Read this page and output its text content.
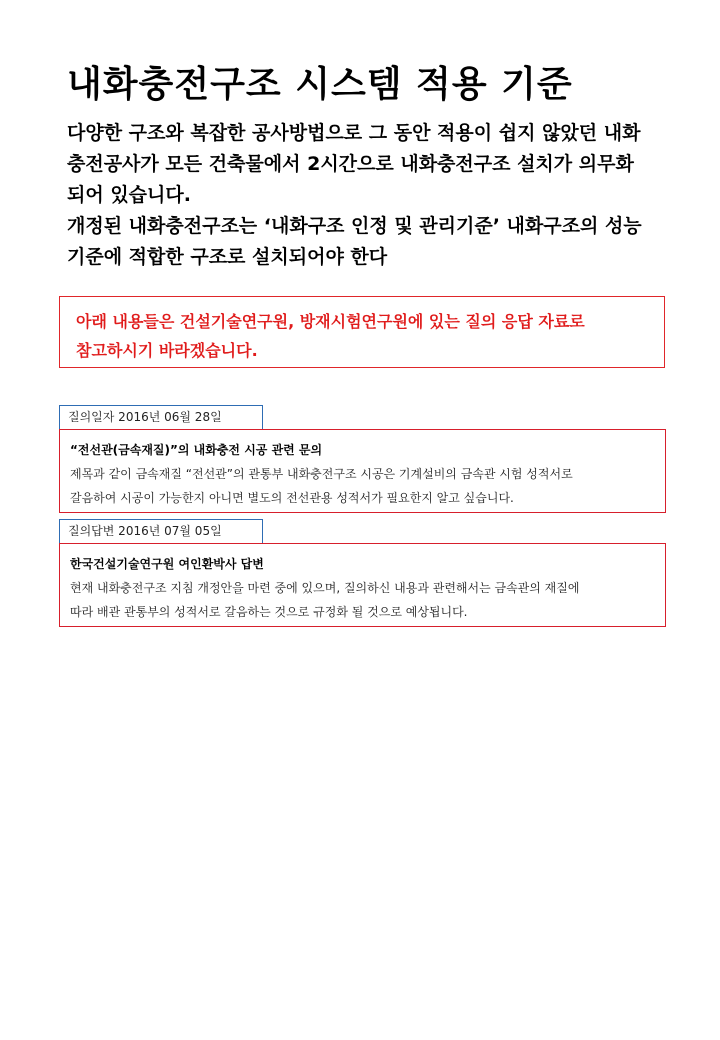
내화충전구조 시스템 적용 기준

다양한 구조와 복잡한 공사방법으로 그 동안 적용이 쉽지 않았던 내화

충전공사가 모든 건축물에서 2시간으로 내화충전구조 설치가 의무화

되어 있습니다.

개정된 내화충전구조는 ‘내화구조 인정 및 관리기준’ 내화구조의 성능

기준에 적합한 구조로 설치되어야 한다

아래 내용들은 건설기술연구원, 방재시험연구원에 있는 질의 응답 자료로

참고하시기 바라겠습니다.

질의일자 2016년 06월 28일

“전선관(금속재질)”의 내화충전 시공 관련 문의

제목과 같이 금속재질 “전선관”의 관통부 내화충전구조 시공은 기계설비의 금속관 시험 성적서로
갈음하여 시공이 가능한지 아니면 별도의 전선관용 성적서가 필요한지 알고 싶습니다.

질의답변 2016년 07월 05일

한국건설기술연구원 여인환박사 답변

현재 내화충전구조 지침 개정안을 마련 중에 있으며, 질의하신 내용과 관련해서는 금속관의 재질에
따라 배관 관통부의 성적서로 갈음하는 것으로 규정화 될 것으로 예상됩니다.
